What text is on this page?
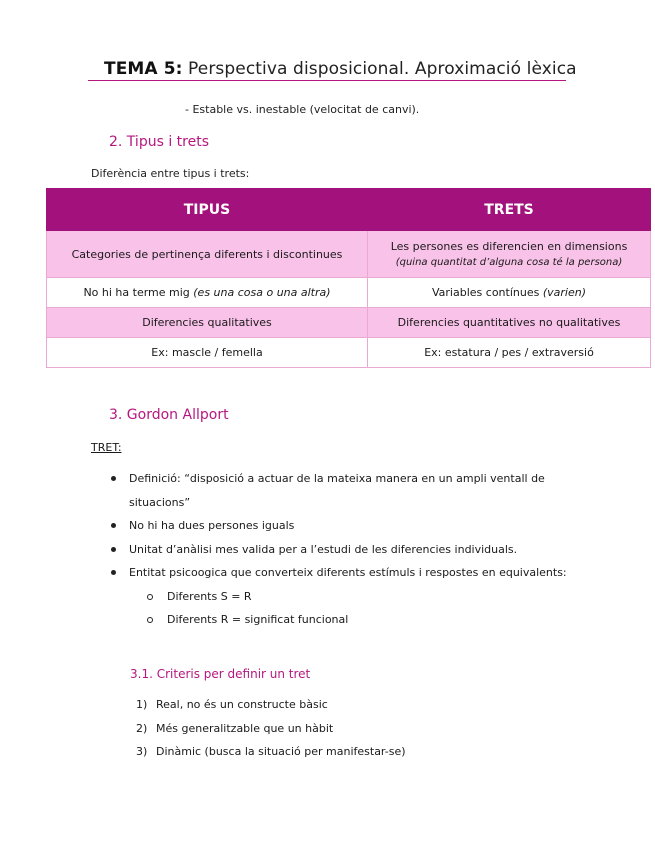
TEMA 5: Perspectiva disposicional. Aproximació lèxica
- Estable vs. inestable (velocitat de canvi).
2. Tipus i trets
Diferència entre tipus i trets:
TIPUS	TRETS
Categories de pertinença diferents i discontinues	Les persones es diferencien en dimensions
(quina quantitat d’alguna cosa té la persona)

No hi ha terme mig (es una cosa o una altra)	Variables contínues (varien)
Diferencies qualitatives	Diferencies quantitatives no qualitatives
Ex: mascle / femella	Ex: estatura / pes / extraversió
3. Gordon Allport
TRET:
Definició: “disposició a actuar de la mateixa manera en un ampli ventall de situacions”
No hi ha dues persones iguals
Unitat d’anàlisi mes valida per a l’estudi de les diferencies individuals.
Entitat psicoogica que converteix diferents estímuls i respostes en equivalents:
Diferents S = R
Diferents R = significat funcional
3.1. Criteris per definir un tret
1) Real, no és un constructe bàsic
2) Més generalitzable que un hàbit
3) Dinàmic (busca la situació per manifestar-se)
